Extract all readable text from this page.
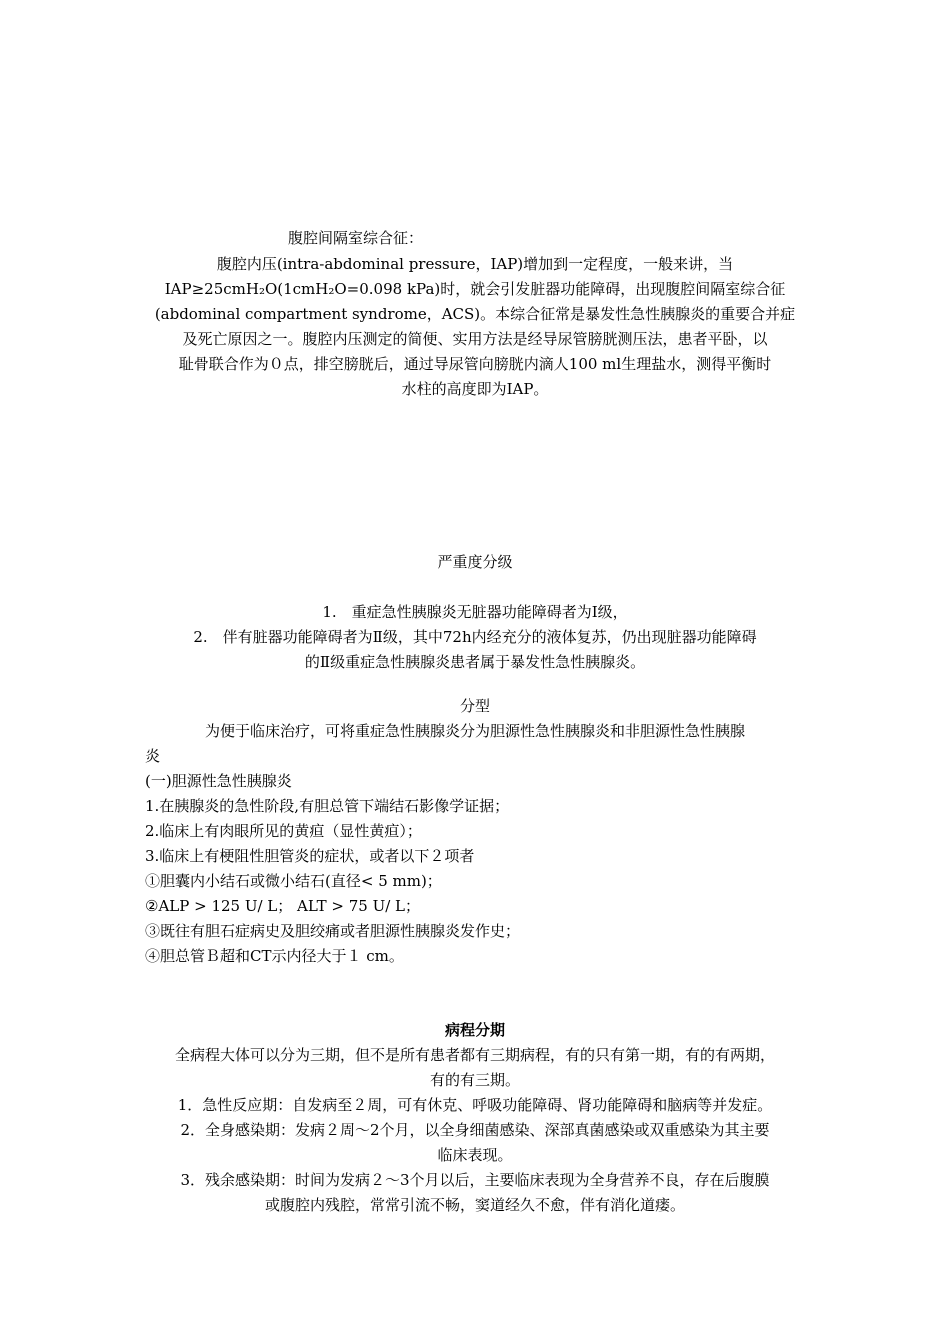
腹腔间隔室综合征：
腹腔内压(intra-abdominal pressure，IAP)增加到一定程度，一般来讲，当
IAP≥25cmH₂O(1cmH₂O=0.098 kPa)时，就会引发脏器功能障碍，出现腹腔间隔室综合征
(abdominal compartment syndrome，ACS)。本综合征常是暴发性急性胰腺炎的重要合并症
及死亡原因之一。腹腔内压测定的简便、实用方法是经导尿管膀胱测压法，患者平卧，以
耻骨联合作为０点，排空膀胱后，通过导尿管向膀胱内滴人100 ml生理盐水，测得平衡时
水柱的高度即为IAP。
严重度分级
1.　重症急性胰腺炎无脏器功能障碍者为Ⅰ级，
2.　伴有脏器功能障碍者为Ⅱ级，其中72h内经充分的液体复苏，仍出现脏器功能障碍
的Ⅱ级重症急性胰腺炎患者属于暴发性急性胰腺炎。
分型
为便于临床治疗，可将重症急性胰腺炎分为胆源性急性胰腺炎和非胆源性急性胰腺
炎
(一)胆源性急性胰腺炎
1.在胰腺炎的急性阶段,有胆总管下端结石影像学证据；
2.临床上有肉眼所见的黄疸（显性黄疸）；
3.临床上有梗阻性胆管炎的症状，或者以下２项者
①胆囊内小结石或微小结石(直径< 5 mm)；
②ALP > 125 U/ L； ALT > 75 U/ L；
③既往有胆石症病史及胆绞痛或者胆源性胰腺炎发作史；
④胆总管Ｂ超和CT示内径大于１ cm。
病程分期
全病程大体可以分为三期，但不是所有患者都有三期病程，有的只有第一期，有的有两期，
有的有三期。
1．急性反应期：自发病至２周，可有休克、呼吸功能障碍、肾功能障碍和脑病等并发症。
2．全身感染期：发病２周～2个月，以全身细菌感染、深部真菌感染或双重感染为其主要
临床表现。
3．残余感染期：时间为发病２～3个月以后，主要临床表现为全身营养不良，存在后腹膜
或腹腔内残腔，常常引流不畅，窦道经久不愈，伴有消化道瘘。
